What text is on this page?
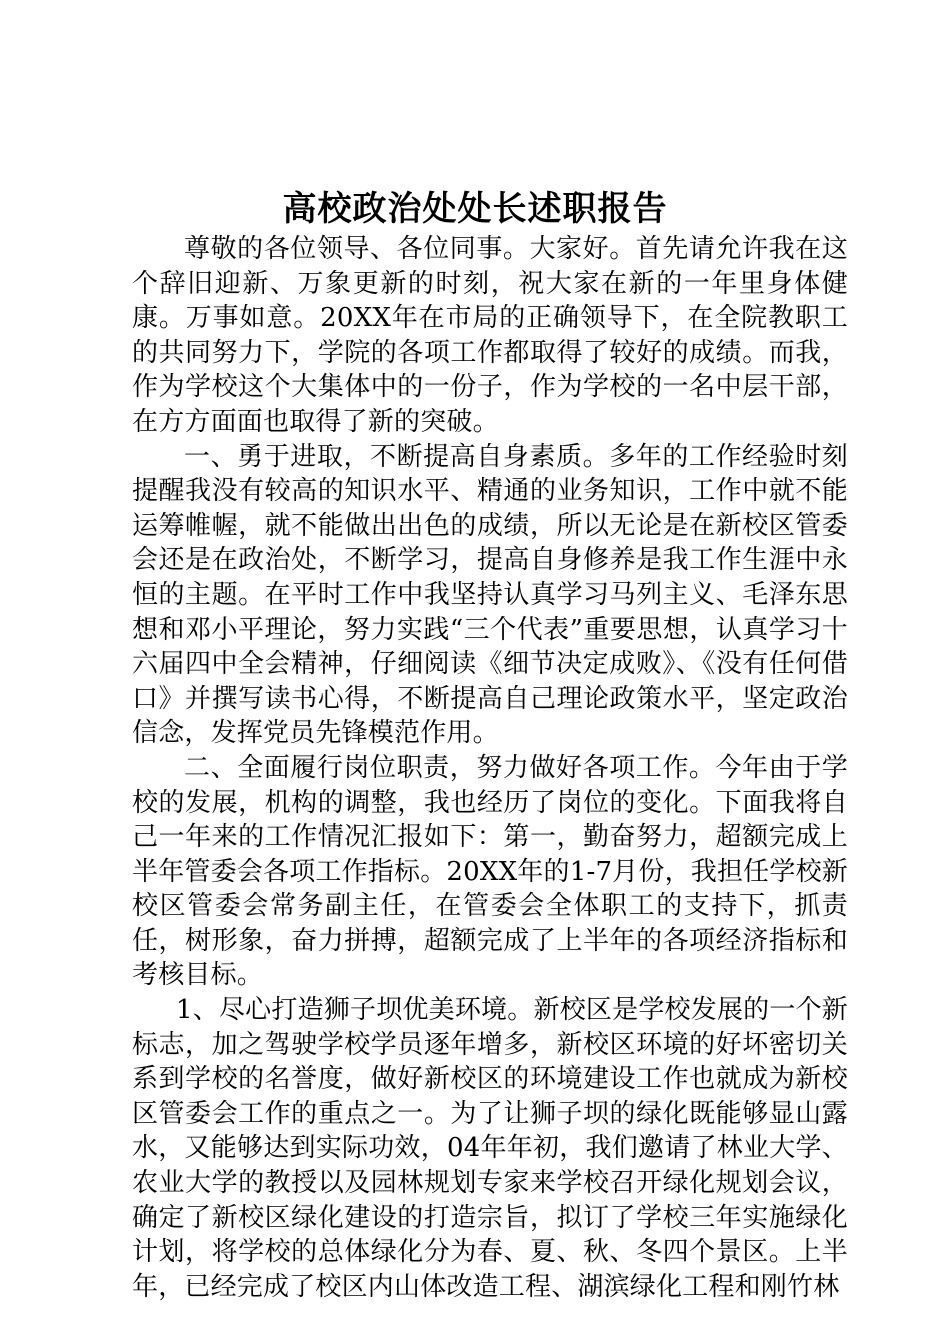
高校政治处处长述职报告

尊敬的各位领导、各位同事。大家好。首先请允许我在这个辞旧迎新、万象更新的时刻，祝大家在新的一年里身体健康。万事如意。20XX年在市局的正确领导下，在全院教职工的共同努力下，学院的各项工作都取得了较好的成绩。而我，作为学校这个大集体中的一份子，作为学校的一名中层干部，在方方面面也取得了新的突破。

一、勇于进取，不断提高自身素质。多年的工作经验时刻提醒我没有较高的知识水平、精通的业务知识，工作中就不能运筹帷幄，就不能做出出色的成绩，所以无论是在新校区管委会还是在政治处，不断学习，提高自身修养是我工作生涯中永恒的主题。在平时工作中我坚持认真学习马列主义、毛泽东思想和邓小平理论，努力实践“三个代表”重要思想，认真学习十六届四中全会精神，仔细阅读《细节决定成败》、《没有任何借口》并撰写读书心得，不断提高自己理论政策水平，坚定政治信念，发挥党员先锋模范作用。

二、全面履行岗位职责，努力做好各项工作。今年由于学校的发展，机构的调整，我也经历了岗位的变化。下面我将自己一年来的工作情况汇报如下：第一，勤奋努力，超额完成上半年管委会各项工作指标。20XX年的1-7月份，我担任学校新校区管委会常务副主任，在管委会全体职工的支持下，抓责任，树形象，奋力拼搏，超额完成了上半年的各项经济指标和考核目标。

1、尽心打造狮子坝优美环境。新校区是学校发展的一个新标志，加之驾驶学校学员逐年增多，新校区环境的好坏密切关系到学校的名誉度，做好新校区的环境建设工作也就成为新校区管委会工作的重点之一。为了让狮子坝的绿化既能够显山露水，又能够达到实际功效，04年年初，我们邀请了林业大学、农业大学的教授以及园林规划专家来学校召开绿化规划会议，确定了新校区绿化建设的打造宗旨，拟订了学校三年实施绿化计划，将学校的总体绿化分为春、夏、秋、冬四个景区。上半年，已经完成了校区内山体改造工程、湖滨绿化工程和刚竹林
